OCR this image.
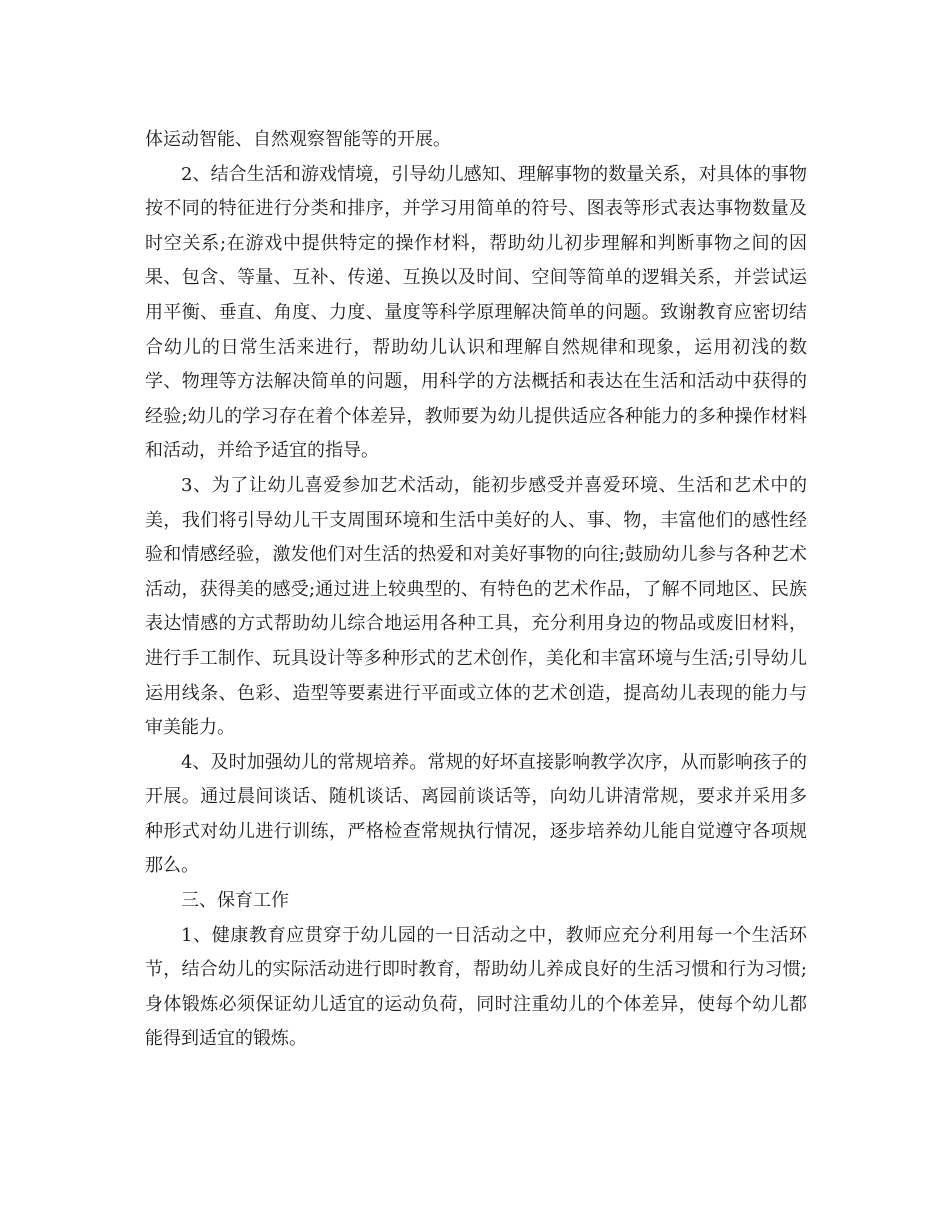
体运动智能、自然观察智能等的开展。

2、结合生活和游戏情境，引导幼儿感知、理解事物的数量关系，对具体的事物按不同的特征进行分类和排序，并学习用简单的符号、图表等形式表达事物数量及时空关系;在游戏中提供特定的操作材料，帮助幼儿初步理解和判断事物之间的因果、包含、等量、互补、传递、互换以及时间、空间等简单的逻辑关系，并尝试运用平衡、垂直、角度、力度、量度等科学原理解决简单的问题。致谢教育应密切结合幼儿的日常生活来进行，帮助幼儿认识和理解自然规律和现象，运用初浅的数学、物理等方法解决简单的问题，用科学的方法概括和表达在生活和活动中获得的经验;幼儿的学习存在着个体差异，教师要为幼儿提供适应各种能力的多种操作材料和活动，并给予适宜的指导。

3、为了让幼儿喜爱参加艺术活动，能初步感受并喜爱环境、生活和艺术中的美，我们将引导幼儿干支周围环境和生活中美好的人、事、物，丰富他们的感性经验和情感经验，激发他们对生活的热爱和对美好事物的向往;鼓励幼儿参与各种艺术活动，获得美的感受;通过进上较典型的、有特色的艺术作品，了解不同地区、民族表达情感的方式帮助幼儿综合地运用各种工具，充分利用身边的物品或废旧材料，进行手工制作、玩具设计等多种形式的艺术创作，美化和丰富环境与生活;引导幼儿运用线条、色彩、造型等要素进行平面或立体的艺术创造，提高幼儿表现的能力与审美能力。

4、及时加强幼儿的常规培养。常规的好坏直接影响教学次序，从而影响孩子的开展。通过晨间谈话、随机谈话、离园前谈话等，向幼儿讲清常规，要求并采用多种形式对幼儿进行训练，严格检查常规执行情况，逐步培养幼儿能自觉遵守各项规那么。

三、保育工作

1、健康教育应贯穿于幼儿园的一日活动之中，教师应充分利用每一个生活环节，结合幼儿的实际活动进行即时教育，帮助幼儿养成良好的生活习惯和行为习惯;身体锻炼必须保证幼儿适宜的运动负荷，同时注重幼儿的个体差异，使每个幼儿都能得到适宜的锻炼。
